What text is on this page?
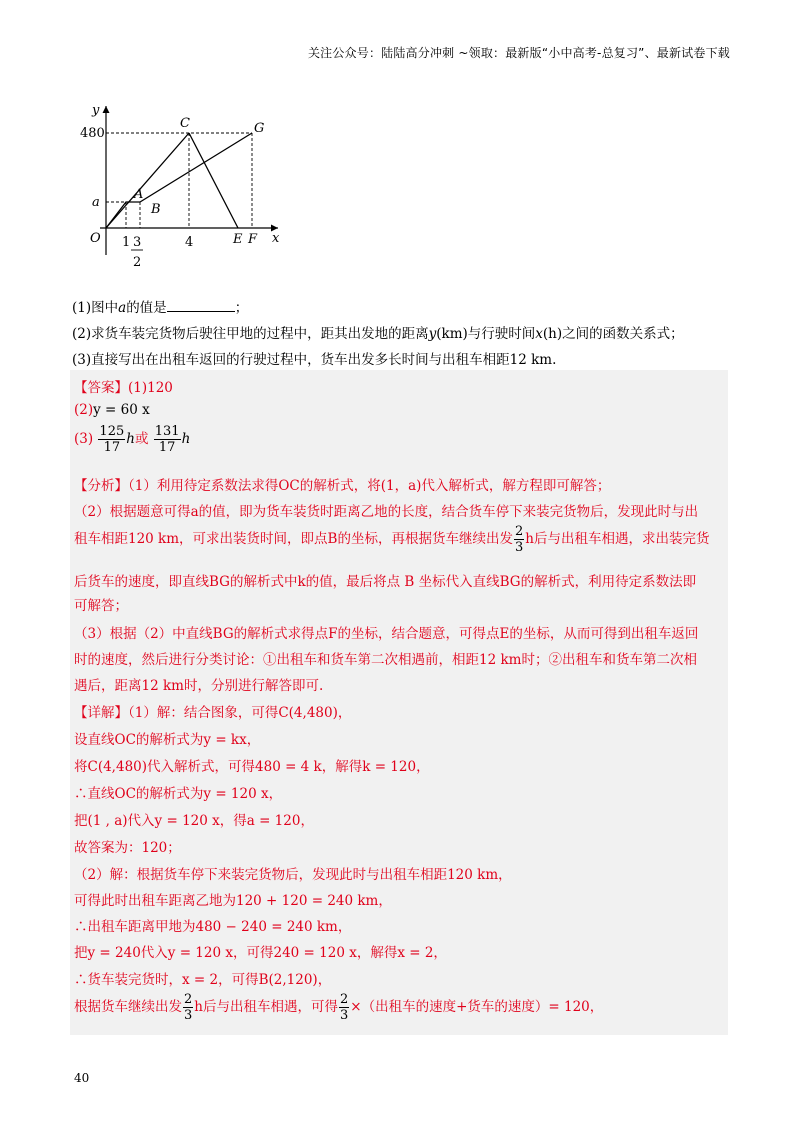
关注公众号：陆陆高分冲刺 ~领取：最新版“小中高考-总复习”、最新试卷下载
y
x
O
480
a
1 3
2
4
A
B
C	G
E F
(1)图中a的值是	；
(2)求货车装完货物后驶往甲地的过程中，距其出发地的距离y(km)与行驶时间x(h)之间的函数关系式；
(3)直接写出在出租车返回的行驶过程中，货车出发多长时间与出租车相距12 km.
【答案】(1)120
(2)y = 60 x
$(3) \frac{125}{17}$ h或 $\frac{131}{17}$ h
【分析】（1）利用待定系数法求得OC的解析式，将(1，a)代入解析式，解方程即可解答；
（2）根据题意可得a的值，即为货车装货时距离乙地的长度，结合货车停下来装完货物后，发现此时与出
租车相距120 km，可求出装货时间，即点B的坐标，再根据货车继续出发 $\frac{2}{3}$ h后与出租车相遇，求出装完货
后货车的速度，即直线BG的解析式中k的值，最后将点 B 坐标代入直线BG的解析式，利用待定系数法即
可解答；
（3）根据（2）中直线BG的解析式求得点F的坐标，结合题意，可得点E的坐标，从而可得到出租车返回
时的速度，然后进行分类讨论：①出租车和货车第二次相遇前，相距12 km时；②出租车和货车第二次相
遇后，距离12 km时，分别进行解答即可.
【详解】（1）解：结合图象，可得C(4,480)，
设直线OC的解析式为y = kx，
将C(4,480)代入解析式，可得480 = 4 k，解得k = 120，
∴直线OC的解析式为y = 120 x，
把(1 , a)代入y = 120 x，得a = 120，
故答案为：120；
（2）解：根据货车停下来装完货物后，发现此时与出租车相距120 km，
可得此时出租车距离乙地为120 + 120 = 240 km，
∴出租车距离甲地为480 − 240 = 240 km，
把y = 240代入y = 120 x，可得240 = 120 x，解得x = 2，
∴货车装完货时，x = 2，可得B(2,120)，
根据货车继续出发 $\frac{2}{3}$ h后与出租车相遇，可得 $\frac{2}{3}$ ×（出租车的速度+货车的速度）= 120，
40
